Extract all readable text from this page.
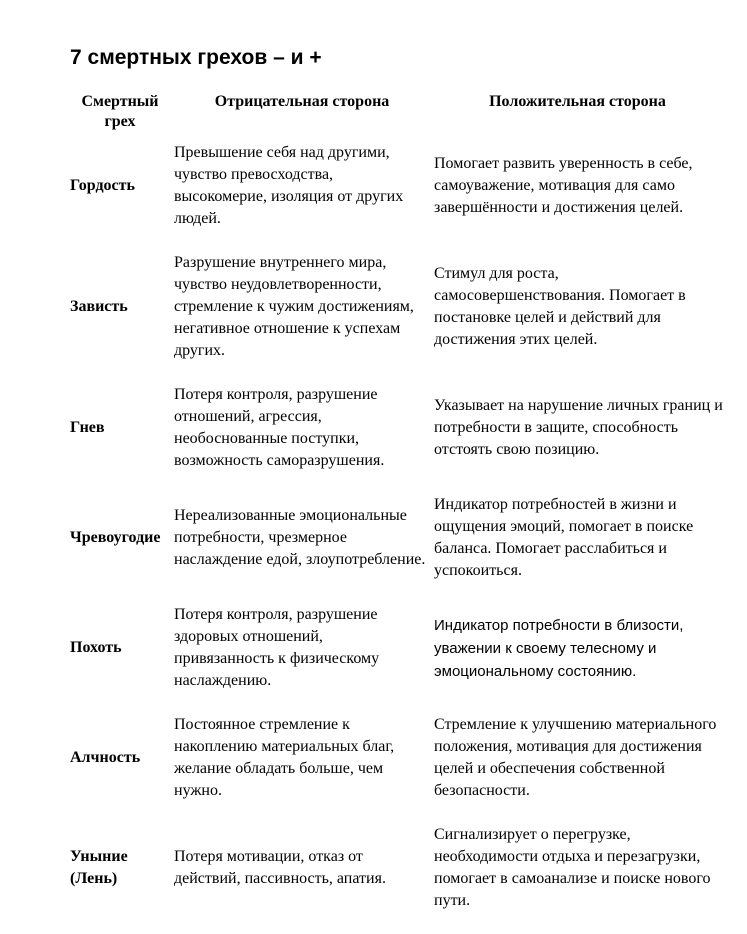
7 смертных грехов – и +
Смертный грех	Отрицательная сторона	Положительная сторона
Гордость	Превышение себя над другими, чувство превосходства, высокомерие, изоляция от других людей.	Помогает развить уверенность в себе, самоуважение, мотивация для само завершённости и достижения целей.
Зависть	Разрушение внутреннего мира, чувство неудовлетворенности, стремление к чужим достижениям, негативное отношение к успехам других.	Стимул для роста, самосовершенствования. Помогает в постановке целей и действий для достижения этих целей.
Гнев	Потеря контроля, разрушение отношений, агрессия, необоснованные поступки, возможность саморазрушения.	Указывает на нарушение личных границ и потребности в защите, способность отстоять свою позицию.
Чревоугодие	Нереализованные эмоциональные потребности, чрезмерное наслаждение едой, злоупотребление.	Индикатор потребностей в жизни и ощущения эмоций, помогает в поиске баланса. Помогает расслабиться и успокоиться.
Похоть	Потеря контроля, разрушение здоровых отношений, привязанность к физическому наслаждению.	Индикатор потребности в близости, уважении к своему телесному и эмоциональному состоянию.
Алчность	Постоянное стремление к накоплению материальных благ, желание обладать больше, чем нужно.	Стремление к улучшению материального положения, мотивация для достижения целей и обеспечения собственной безопасности.
Уныние (Лень)	Потеря мотивации, отказ от действий, пассивность, апатия.	Сигнализирует о перегрузке, необходимости отдыха и перезагрузки, помогает в самоанализе и поиске нового пути.
